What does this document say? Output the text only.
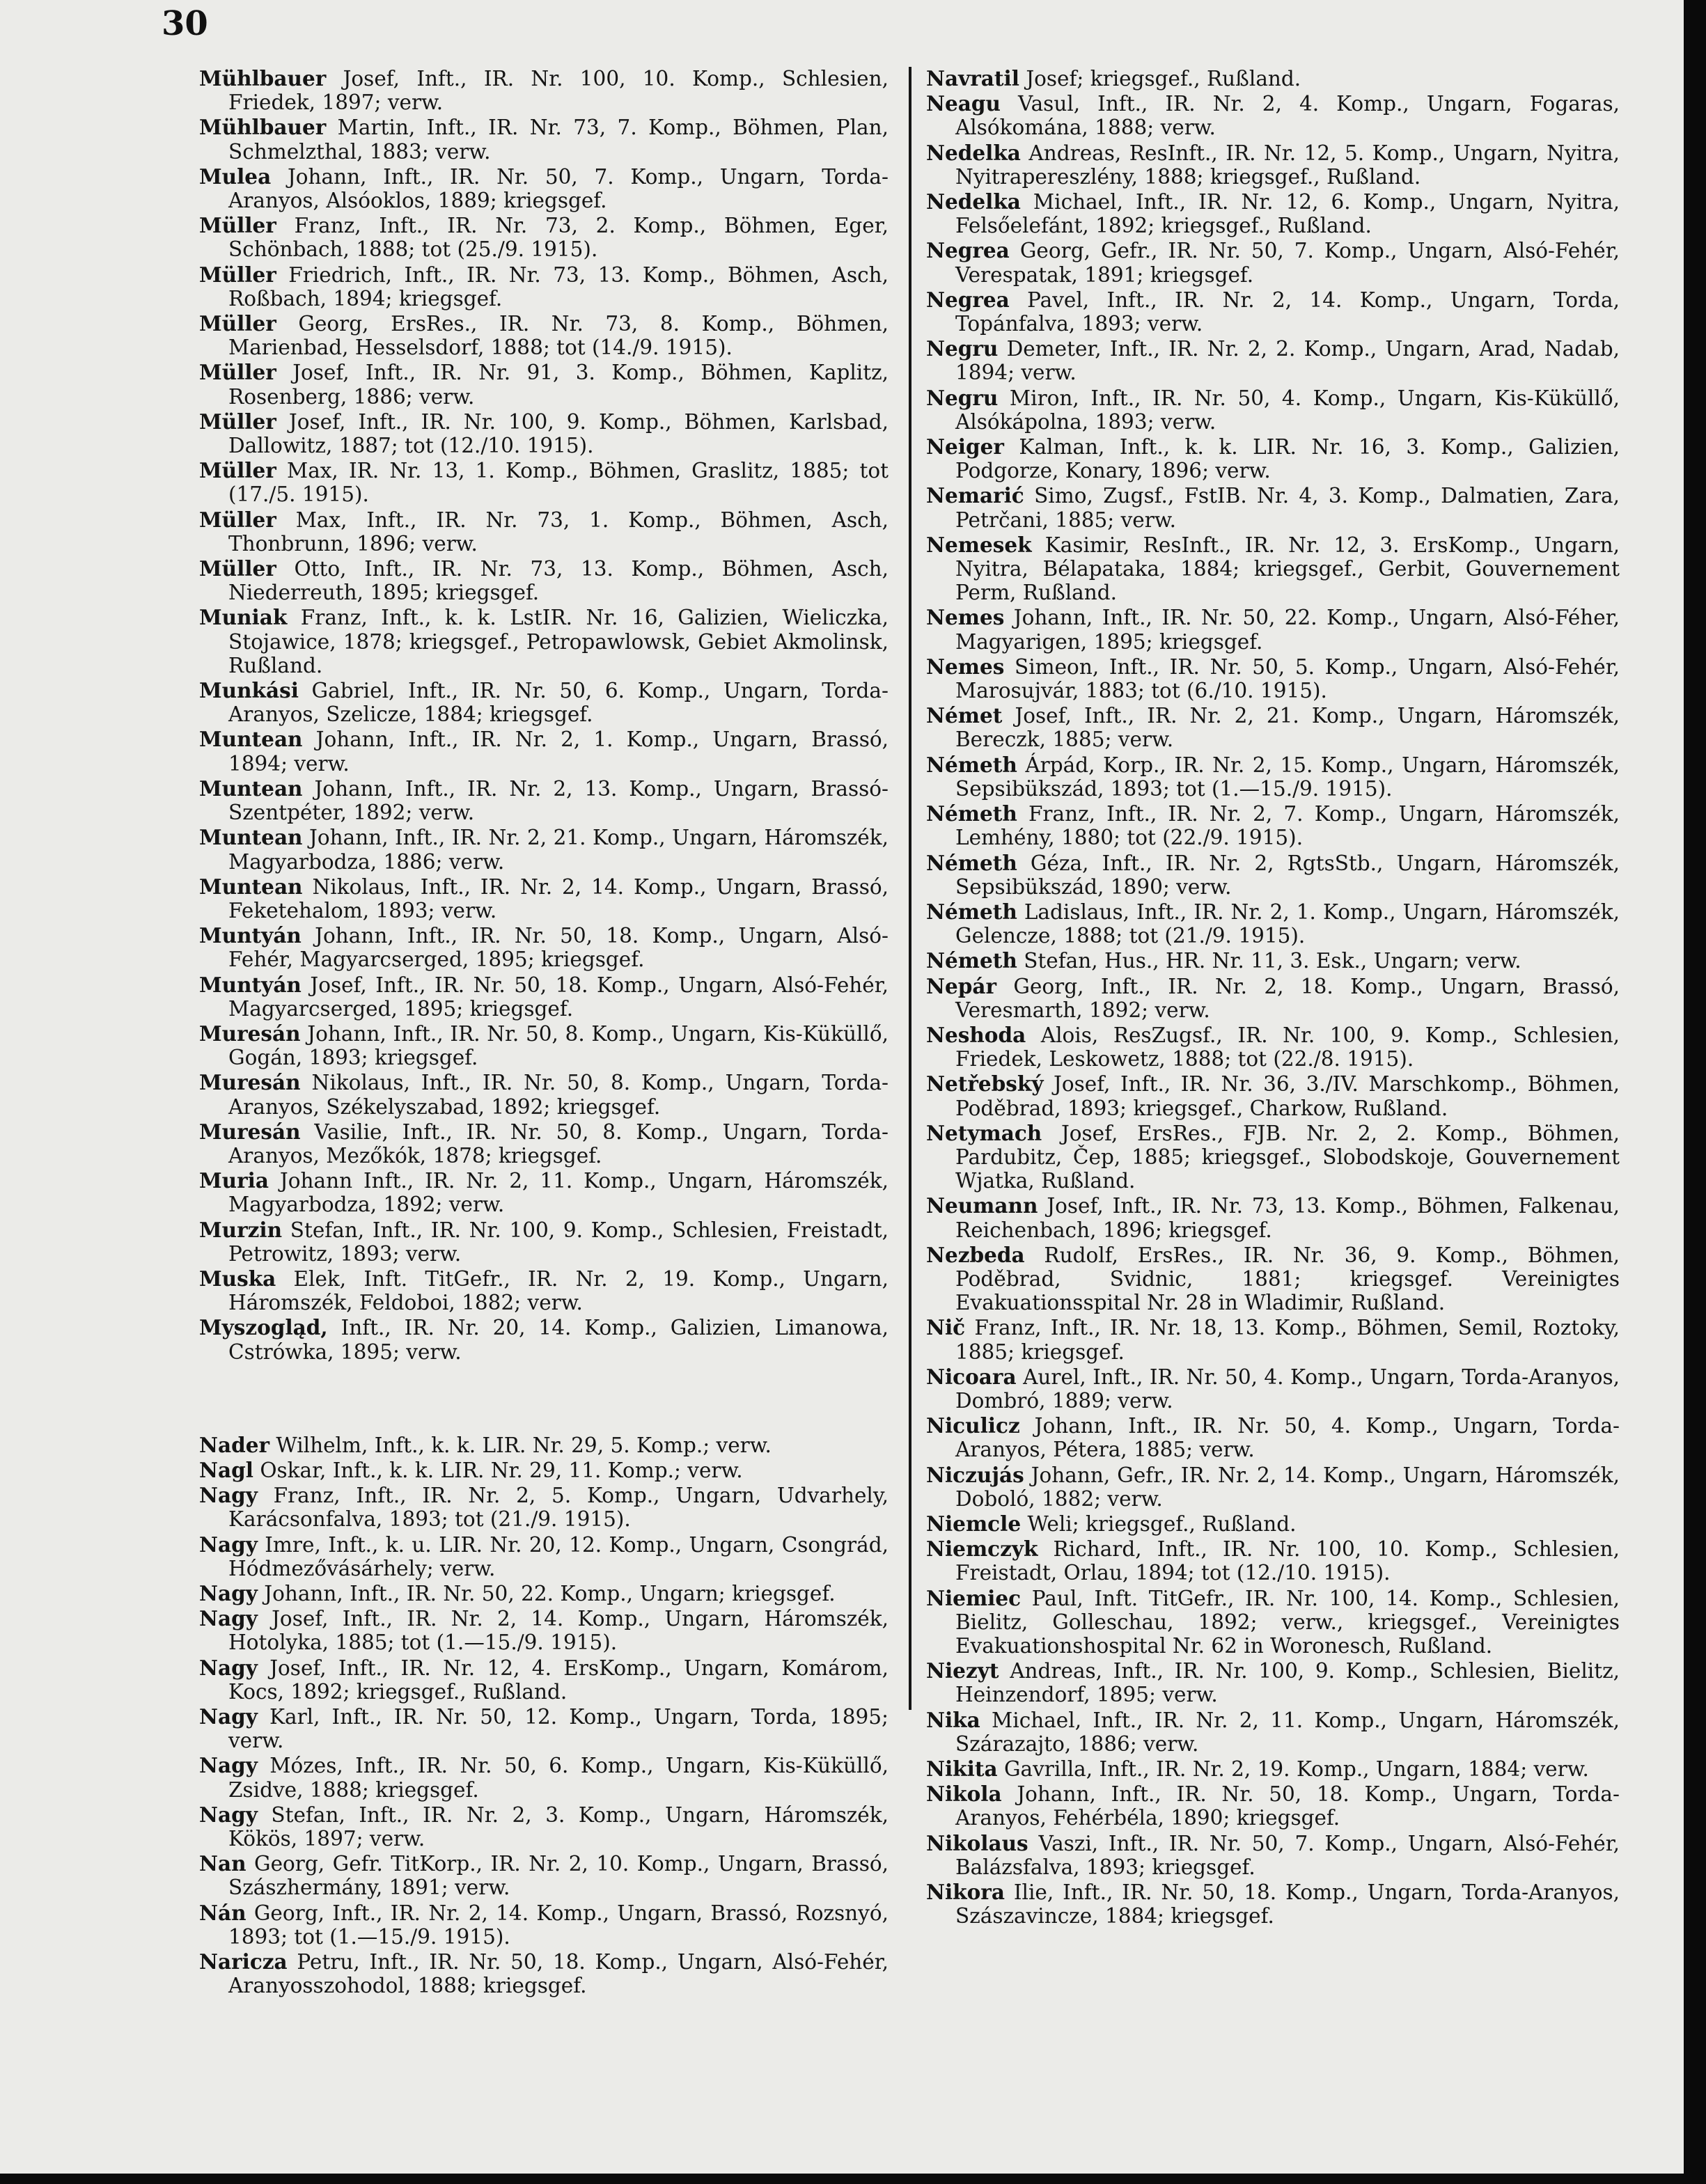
30

Mühlbauer Josef, Inft., IR. Nr. 100, 10. Komp., Schlesien, Friedek, 1897; verw.

Mühlbauer Martin, Inft., IR. Nr. 73, 7. Komp., Böhmen, Plan, Schmelzthal, 1883; verw.

Mulea Johann, Inft., IR. Nr. 50, 7. Komp., Ungarn, Torda-Aranyos, Alsóoklos, 1889; kriegsgef.

Müller Franz, Inft., IR. Nr. 73, 2. Komp., Böhmen, Eger, Schönbach, 1888; tot (25./9. 1915).

Müller Friedrich, Inft., IR. Nr. 73, 13. Komp., Böhmen, Asch, Roßbach, 1894; kriegsgef.

Müller Georg, ErsRes., IR. Nr. 73, 8. Komp., Böhmen, Marienbad, Hesselsdorf, 1888; tot (14./9. 1915).

Müller Josef, Inft., IR. Nr. 91, 3. Komp., Böhmen, Kaplitz, Rosenberg, 1886; verw.

Müller Josef, Inft., IR. Nr. 100, 9. Komp., Böhmen, Karlsbad, Dallowitz, 1887; tot (12./10. 1915).

Müller Max, IR. Nr. 13, 1. Komp., Böhmen, Graslitz, 1885; tot (17./5. 1915).

Müller Max, Inft., IR. Nr. 73, 1. Komp., Böhmen, Asch, Thonbrunn, 1896; verw.

Müller Otto, Inft., IR. Nr. 73, 13. Komp., Böhmen, Asch, Niederreuth, 1895; kriegsgef.

Muniak Franz, Inft., k. k. LstIR. Nr. 16, Galizien, Wieliczka, Stojawice, 1878; kriegsgef., Petropawlowsk, Gebiet Akmolinsk, Rußland.

Munkási Gabriel, Inft., IR. Nr. 50, 6. Komp., Ungarn, Torda-Aranyos, Szelicze, 1884; kriegsgef.

Muntean Johann, Inft., IR. Nr. 2, 1. Komp., Ungarn, Brassó, 1894; verw.

Muntean Johann, Inft., IR. Nr. 2, 13. Komp., Ungarn, Brassó-Szentpéter, 1892; verw.

Muntean Johann, Inft., IR. Nr. 2, 21. Komp., Ungarn, Háromszék, Magyarbodza, 1886; verw.

Muntean Nikolaus, Inft., IR. Nr. 2, 14. Komp., Ungarn, Brassó, Feketehalom, 1893; verw.

Muntyán Johann, Inft., IR. Nr. 50, 18. Komp., Ungarn, Alsó-Fehér, Magyarcserged, 1895; kriegsgef.

Muntyán Josef, Inft., IR. Nr. 50, 18. Komp., Ungarn, Alsó-Fehér, Magyarcserged, 1895; kriegsgef.

Muresán Johann, Inft., IR. Nr. 50, 8. Komp., Ungarn, Kis-Küküllő, Gogán, 1893; kriegsgef.

Muresán Nikolaus, Inft., IR. Nr. 50, 8. Komp., Ungarn, Torda-Aranyos, Székelyszabad, 1892; kriegsgef.

Muresán Vasilie, Inft., IR. Nr. 50, 8. Komp., Ungarn, Torda-Aranyos, Mezőkók, 1878; kriegsgef.

Muria Johann Inft., IR. Nr. 2, 11. Komp., Ungarn, Háromszék, Magyarbodza, 1892; verw.

Murzin Stefan, Inft., IR. Nr. 100, 9. Komp., Schlesien, Freistadt, Petrowitz, 1893; verw.

Muska Elek, Inft. TitGefr., IR. Nr. 2, 19. Komp., Ungarn, Háromszék, Feldoboi, 1882; verw.

Myszogląd, Inft., IR. Nr. 20, 14. Komp., Galizien, Limanowa, Cstrówka, 1895; verw.

Nader Wilhelm, Inft., k. k. LIR. Nr. 29, 5. Komp.; verw.

Nagl Oskar, Inft., k. k. LIR. Nr. 29, 11. Komp.; verw.

Nagy Franz, Inft., IR. Nr. 2, 5. Komp., Ungarn, Udvarhely, Karácsonfalva, 1893; tot (21./9. 1915).

Nagy Imre, Inft., k. u. LIR. Nr. 20, 12. Komp., Ungarn, Csongrád, Hódmezővásárhely; verw.

Nagy Johann, Inft., IR. Nr. 50, 22. Komp., Ungarn; kriegsgef.

Nagy Josef, Inft., IR. Nr. 2, 14. Komp., Ungarn, Háromszék, Hotolyka, 1885; tot (1.—15./9. 1915).

Nagy Josef, Inft., IR. Nr. 12, 4. ErsKomp., Ungarn, Komárom, Kocs, 1892; kriegsgef., Rußland.

Nagy Karl, Inft., IR. Nr. 50, 12. Komp., Ungarn, Torda, 1895; verw.

Nagy Mózes, Inft., IR. Nr. 50, 6. Komp., Ungarn, Kis-Küküllő, Zsidve, 1888; kriegsgef.

Nagy Stefan, Inft., IR. Nr. 2, 3. Komp., Ungarn, Háromszék, Kökös, 1897; verw.

Nan Georg, Gefr. TitKorp., IR. Nr. 2, 10. Komp., Ungarn, Brassó, Szászhermány, 1891; verw.

Nán Georg, Inft., IR. Nr. 2, 14. Komp., Ungarn, Brassó, Rozsnyó, 1893; tot (1.—15./9. 1915).

Naricza Petru, Inft., IR. Nr. 50, 18. Komp., Ungarn, Alsó-Fehér, Aranyosszohodol, 1888; kriegsgef.

Navratil Josef; kriegsgef., Rußland.

Neagu Vasul, Inft., IR. Nr. 2, 4. Komp., Ungarn, Fogaras, Alsókomána, 1888; verw.

Nedelka Andreas, ResInft., IR. Nr. 12, 5. Komp., Ungarn, Nyitra, Nyitrapereszlény, 1888; kriegsgef., Rußland.

Nedelka Michael, Inft., IR. Nr. 12, 6. Komp., Ungarn, Nyitra, Felsőelefánt, 1892; kriegsgef., Rußland.

Negrea Georg, Gefr., IR. Nr. 50, 7. Komp., Ungarn, Alsó-Fehér, Verespatak, 1891; kriegsgef.

Negrea Pavel, Inft., IR. Nr. 2, 14. Komp., Ungarn, Torda, Topánfalva, 1893; verw.

Negru Demeter, Inft., IR. Nr. 2, 2. Komp., Ungarn, Arad, Nadab, 1894; verw.

Negru Miron, Inft., IR. Nr. 50, 4. Komp., Ungarn, Kis-Küküllő, Alsókápolna, 1893; verw.

Neiger Kalman, Inft., k. k. LIR. Nr. 16, 3. Komp., Galizien, Podgorze, Konary, 1896; verw.

Nemarić Simo, Zugsf., FstIB. Nr. 4, 3. Komp., Dalmatien, Zara, Petrčani, 1885; verw.

Nemesek Kasimir, ResInft., IR. Nr. 12, 3. ErsKomp., Ungarn, Nyitra, Bélapataka, 1884; kriegsgef., Gerbit, Gouvernement Perm, Rußland.

Nemes Johann, Inft., IR. Nr. 50, 22. Komp., Ungarn, Alsó-Féher, Magyarigen, 1895; kriegsgef.

Nemes Simeon, Inft., IR. Nr. 50, 5. Komp., Ungarn, Alsó-Fehér, Marosujvár, 1883; tot (6./10. 1915).

Német Josef, Inft., IR. Nr. 2, 21. Komp., Ungarn, Háromszék, Bereczk, 1885; verw.

Németh Árpád, Korp., IR. Nr. 2, 15. Komp., Ungarn, Háromszék, Sepsibükszád, 1893; tot (1.—15./9. 1915).

Németh Franz, Inft., IR. Nr. 2, 7. Komp., Ungarn, Háromszék, Lemhény, 1880; tot (22./9. 1915).

Németh Géza, Inft., IR. Nr. 2, RgtsStb., Ungarn, Háromszék, Sepsibükszád, 1890; verw.

Németh Ladislaus, Inft., IR. Nr. 2, 1. Komp., Ungarn, Háromszék, Gelencze, 1888; tot (21./9. 1915).

Németh Stefan, Hus., HR. Nr. 11, 3. Esk., Ungarn; verw.

Nepár Georg, Inft., IR. Nr. 2, 18. Komp., Ungarn, Brassó, Veresmarth, 1892; verw.

Neshoda Alois, ResZugsf., IR. Nr. 100, 9. Komp., Schlesien, Friedek, Leskowetz, 1888; tot (22./8. 1915).

Netřebský Josef, Inft., IR. Nr. 36, 3./IV. Marschkomp., Böhmen, Poděbrad, 1893; kriegsgef., Charkow, Rußland.

Netymach Josef, ErsRes., FJB. Nr. 2, 2. Komp., Böhmen, Pardubitz, Čep, 1885; kriegsgef., Slobodskoje, Gouvernement Wjatka, Rußland.

Neumann Josef, Inft., IR. Nr. 73, 13. Komp., Böhmen, Falkenau, Reichenbach, 1896; kriegsgef.

Nezbeda Rudolf, ErsRes., IR. Nr. 36, 9. Komp., Böhmen, Poděbrad, Svidnic, 1881; kriegsgef. Vereinigtes Evakuationsspital Nr. 28 in Wladimir, Rußland.

Nič Franz, Inft., IR. Nr. 18, 13. Komp., Böhmen, Semil, Roztoky, 1885; kriegsgef.

Nicoara Aurel, Inft., IR. Nr. 50, 4. Komp., Ungarn, Torda-Aranyos, Dombró, 1889; verw.

Niculicz Johann, Inft., IR. Nr. 50, 4. Komp., Ungarn, Torda-Aranyos, Pétera, 1885; verw.

Niczujás Johann, Gefr., IR. Nr. 2, 14. Komp., Ungarn, Háromszék, Doboló, 1882; verw.

Niemcle Weli; kriegsgef., Rußland.

Niemczyk Richard, Inft., IR. Nr. 100, 10. Komp., Schlesien, Freistadt, Orlau, 1894; tot (12./10. 1915).

Niemiec Paul, Inft. TitGefr., IR. Nr. 100, 14. Komp., Schlesien, Bielitz, Golleschau, 1892; verw., kriegsgef., Vereinigtes Evakuationshospital Nr. 62 in Woronesch, Rußland.

Niezyt Andreas, Inft., IR. Nr. 100, 9. Komp., Schlesien, Bielitz, Heinzendorf, 1895; verw.

Nika Michael, Inft., IR. Nr. 2, 11. Komp., Ungarn, Háromszék, Szárazajto, 1886; verw.

Nikita Gavrilla, Inft., IR. Nr. 2, 19. Komp., Ungarn, 1884; verw.

Nikola Johann, Inft., IR. Nr. 50, 18. Komp., Ungarn, Torda-Aranyos, Fehérbéla, 1890; kriegsgef.

Nikolaus Vaszi, Inft., IR. Nr. 50, 7. Komp., Ungarn, Alsó-Fehér, Balázsfalva, 1893; kriegsgef.

Nikora Ilie, Inft., IR. Nr. 50, 18. Komp., Ungarn, Torda-Aranyos, Szászavincze, 1884; kriegsgef.
